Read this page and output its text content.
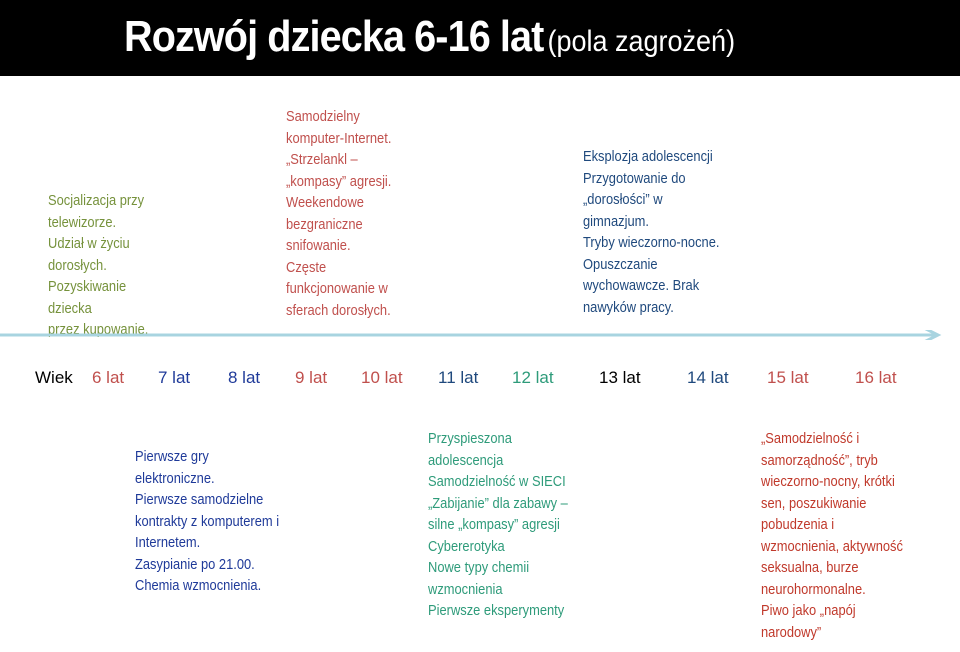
Rozwój dziecka 6-16 lat (pola zagrożeń)
Socjalizacja przy
telewizorze.
Udział w życiu
dorosłych.
Pozyskiwanie dziecka
przez kupowanie.
Samodzielny
komputer-Internet.
„Strzelankl –
„kompasy” agresji.
Weekendowe
bezgraniczne
snifowanie.
Częste
funkcjonowanie w
sferach dorosłych.
Eksplozja adolescencji
Przygotowanie do
„dorosłości” w
gimnazjum.
Tryby wieczorno-nocne.
Opuszczanie
wychowawcze. Brak
nawyków pracy.
Wiek 6 lat 7 lat 8 lat 9 lat 10 lat 11 lat 12 lat	13 lat	14 lat 15 lat	16 lat
Pierwsze gry
elektroniczne.
Pierwsze samodzielne
kontrakty z komputerem i
Internetem.
Zasypianie po 21.00.
Chemia wzmocnienia.
Przyspieszona
adolescencja
Samodzielność w SIECI
„Zabijanie” dla zabawy –
silne „kompasy” agresji
Cybererotyka
Nowe typy chemii
wzmocnienia
Pierwsze eksperymenty
„Samodzielność i
samorządność”, tryb
wieczorno-nocny, krótki
sen, poszukiwanie
pobudzenia i
wzmocnienia, aktywność
seksualna, burze
neurohormonalne.
Piwo jako „napój
narodowy”
